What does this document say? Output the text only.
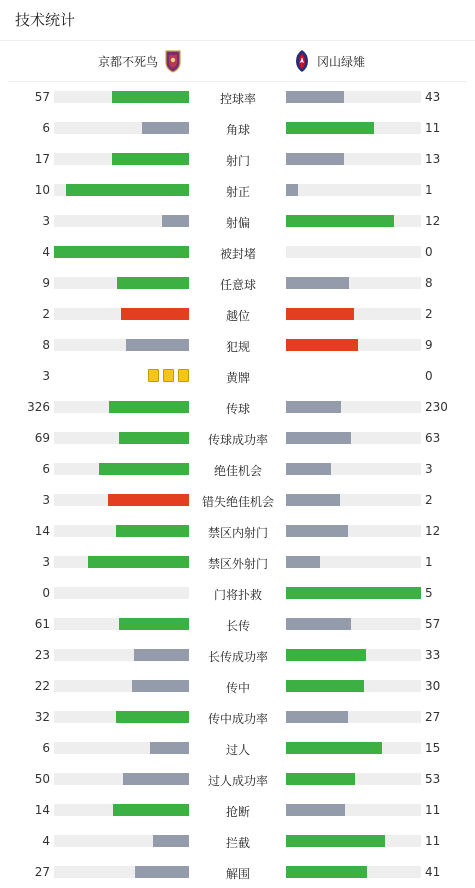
技术统计
京都不死鸟	冈山绿雉
57	控球率	43
6	角球	11
17	射门	13
10	射正	1
3	射偏	12
4	被封堵	0
9	任意球	8
2	越位	2
8	犯规	9
3	黄牌	0
326	传球	230
69	传球成功率	63
6	绝佳机会	3
3	错失绝佳机会	2
14	禁区内射门	12
3	禁区外射门	1
0	门将扑救	5
61	长传	57
23	长传成功率	33
22	传中	30
32	传中成功率	27
6	过人	15
50	过人成功率	53
14	抢断	11
4	拦截	11
27	解围	41
